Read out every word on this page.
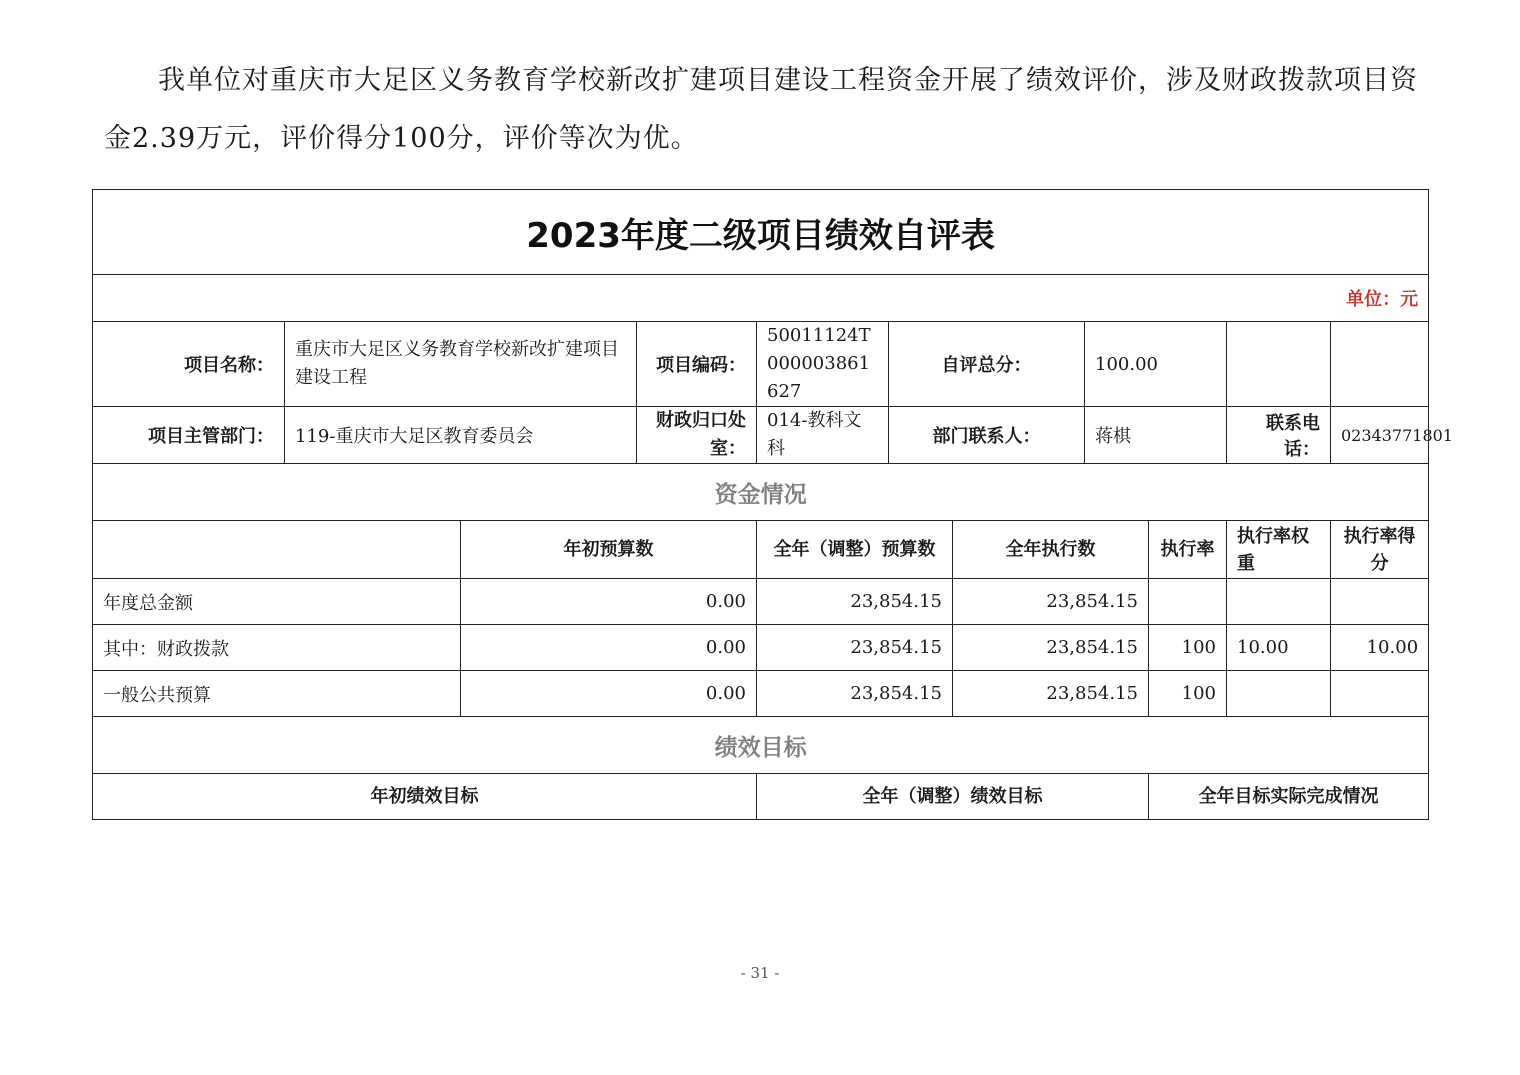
我单位对重庆市大足区义务教育学校新改扩建项目建设工程资金开展了绩效评价，涉及财政拨款项目资金2.39万元，评价得分100分，评价等次为优。

2023年度二级项目绩效自评表										
单位：元										
项目名称：	重庆市大足区义务教育学校新改扩建项目建设工程		项目编码：	50011124T000003861627	自评总分：		100.00			
项目主管部门：	119-重庆市大足区教育委员会		财政归口处室：	014-教科文科	部门联系人：		蒋棋		联系电话：	02343771801
资金情况										
		年初预算数		全年（调整）预算数		全年执行数		执行率	执行率权重	执行率得分
年度总金额		0.00		23,854.15		23,854.15				
其中：财政拨款		0.00		23,854.15		23,854.15		100	10.00	10.00
一般公共预算		0.00		23,854.15		23,854.15		100		
绩效目标										
年初绩效目标				全年（调整）绩效目标				全年目标实际完成情况		
- 31 -
